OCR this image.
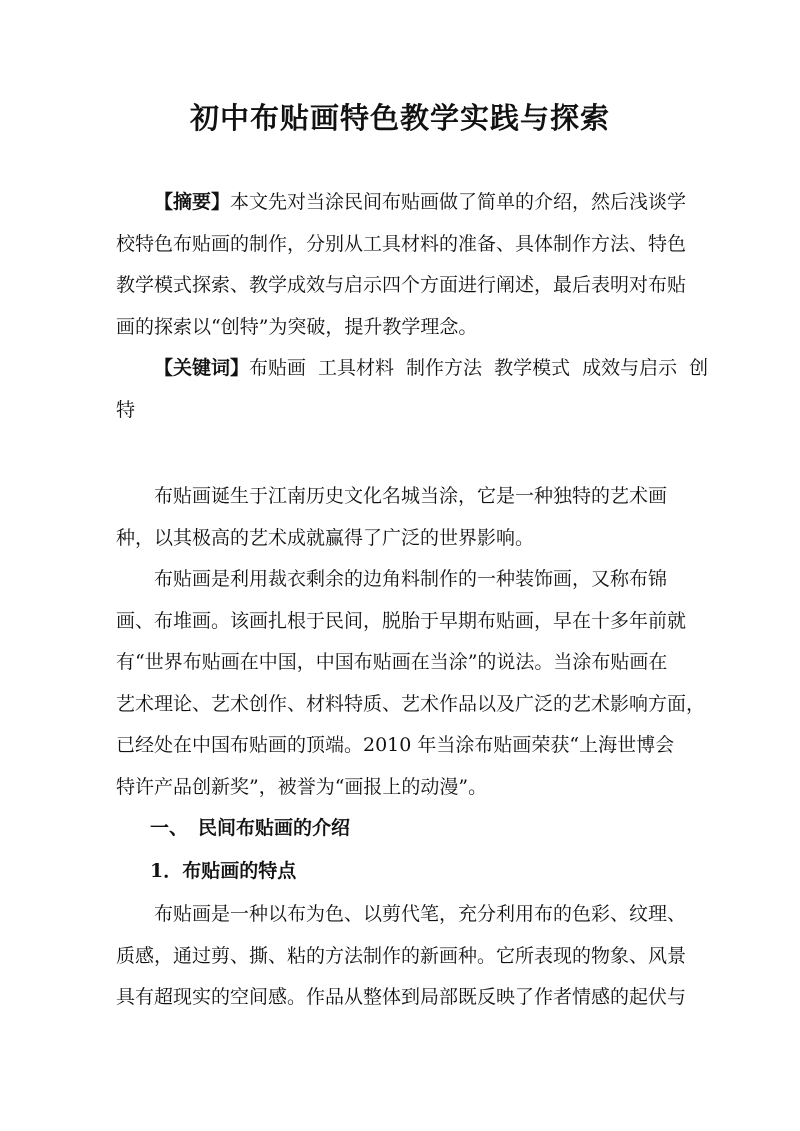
初中布贴画特色教学实践与探索
【摘要】本文先对当涂民间布贴画做了简单的介绍，然后浅谈学
校特色布贴画的制作，分别从工具材料的准备、具体制作方法、特色
教学模式探索、教学成效与启示四个方面进行阐述，最后表明对布贴
画的探索以“创特”为突破，提升教学理念。
【关键词】布贴画 工具材料 制作方法 教学模式 成效与启示 创
特
布贴画诞生于江南历史文化名城当涂，它是一种独特的艺术画
种，以其极高的艺术成就赢得了广泛的世界影响。
布贴画是利用裁衣剩余的边角料制作的一种装饰画，又称布锦
画、布堆画。该画扎根于民间，脱胎于早期布贴画，早在十多年前就
有“世界布贴画在中国，中国布贴画在当涂”的说法。当涂布贴画在
艺术理论、艺术创作、材料特质、艺术作品以及广泛的艺术影响方面，
已经处在中国布贴画的顶端。2010 年当涂布贴画荣获“上海世博会
特许产品创新奖”，被誉为“画报上的动漫”。
一、 民间布贴画的介绍
1．布贴画的特点
布贴画是一种以布为色、以剪代笔，充分利用布的色彩、纹理、
质感，通过剪、撕、粘的方法制作的新画种。它所表现的物象、风景
具有超现实的空间感。作品从整体到局部既反映了作者情感的起伏与
